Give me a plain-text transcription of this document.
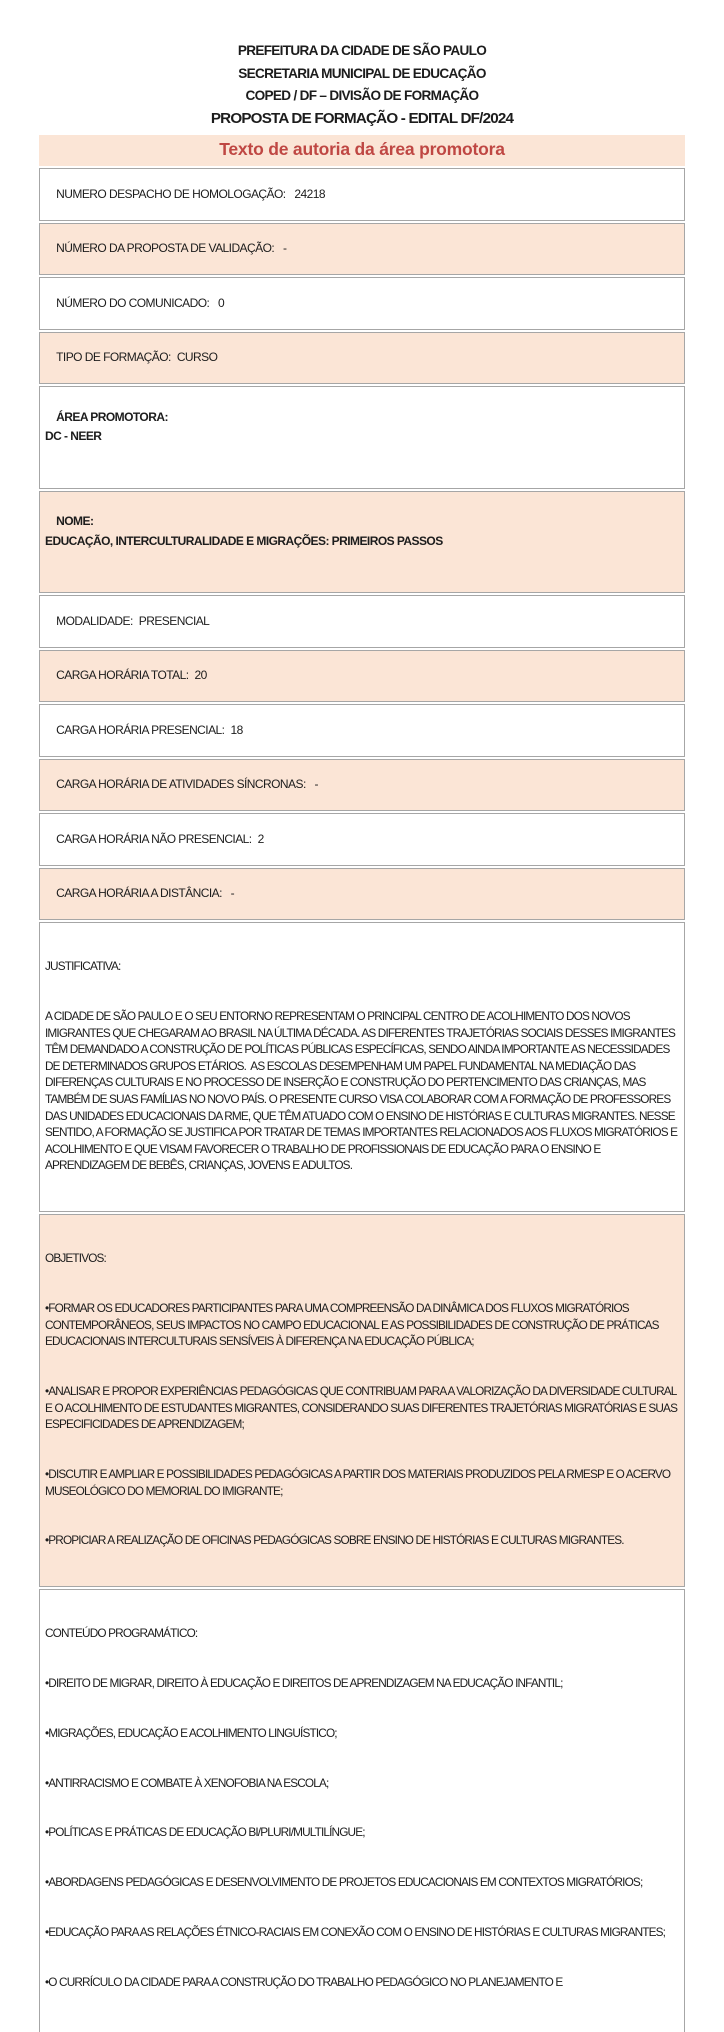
PREFEITURA DA CIDADE DE SÃO PAULO
SECRETARIA MUNICIPAL DE EDUCAÇÃO
COPED / DF – DIVISÃO DE FORMAÇÃO
PROPOSTA DE FORMAÇÃO - EDITAL DF/2024
Texto de autoria da área promotora

NUMERO DESPACHO DE HOMOLOGAÇÃO: 24218

NÚMERO DA PROPOSTA DE VALIDAÇÃO: -

NÚMERO DO COMUNICADO: 0

TIPO DE FORMAÇÃO: CURSO

ÁREA PROMOTORA:
DC - NEER

NOME:
EDUCAÇÃO, INTERCULTURALIDADE E MIGRAÇÕES: PRIMEIROS PASSOS

MODALIDADE: PRESENCIAL

CARGA HORÁRIA TOTAL: 20

CARGA HORÁRIA PRESENCIAL: 18

CARGA HORÁRIA DE ATIVIDADES SÍNCRONAS: -

CARGA HORÁRIA NÃO PRESENCIAL: 2

CARGA HORÁRIA A DISTÂNCIA: -

JUSTIFICATIVA:

A CIDADE DE SÃO PAULO E O SEU ENTORNO REPRESENTAM O PRINCIPAL CENTRO DE ACOLHIMENTO DOS NOVOS IMIGRANTES QUE CHEGARAM AO BRASIL NA ÚLTIMA DÉCADA. AS DIFERENTES TRAJETÓRIAS SOCIAIS DESSES IMIGRANTES TÊM DEMANDADO A CONSTRUÇÃO DE POLÍTICAS PÚBLICAS ESPECÍFICAS, SENDO AINDA IMPORTANTE AS NECESSIDADES DE DETERMINADOS GRUPOS ETÁRIOS.  AS ESCOLAS DESEMPENHAM UM PAPEL FUNDAMENTAL NA MEDIAÇÃO DAS DIFERENÇAS CULTURAIS E NO PROCESSO DE INSERÇÃO E CONSTRUÇÃO DO PERTENCIMENTO DAS CRIANÇAS, MAS TAMBÉM DE SUAS FAMÍLIAS NO NOVO PAÍS. O PRESENTE CURSO VISA COLABORAR COM A FORMAÇÃO DE PROFESSORES DAS UNIDADES EDUCACIONAIS DA RME, QUE TÊM ATUADO COM O ENSINO DE HISTÓRIAS E CULTURAS MIGRANTES. NESSE SENTIDO, A FORMAÇÃO SE JUSTIFICA POR TRATAR DE TEMAS IMPORTANTES RELACIONADOS AOS FLUXOS MIGRATÓRIOS E ACOLHIMENTO E QUE VISAM FAVORECER O TRABALHO DE PROFISSIONAIS DE EDUCAÇÃO PARA O ENSINO E APRENDIZAGEM DE BEBÊS, CRIANÇAS, JOVENS E ADULTOS.

OBJETIVOS:

•FORMAR OS EDUCADORES PARTICIPANTES PARA UMA COMPREENSÃO DA DINÂMICA DOS FLUXOS MIGRATÓRIOS CONTEMPORÂNEOS, SEUS IMPACTOS NO CAMPO EDUCACIONAL E AS POSSIBILIDADES DE CONSTRUÇÃO DE PRÁTICAS EDUCACIONAIS INTERCULTURAIS SENSÍVEIS À DIFERENÇA NA EDUCAÇÃO PÚBLICA;

•ANALISAR E PROPOR EXPERIÊNCIAS PEDAGÓGICAS QUE CONTRIBUAM PARA A VALORIZAÇÃO DA DIVERSIDADE CULTURAL E O ACOLHIMENTO DE ESTUDANTES MIGRANTES, CONSIDERANDO SUAS DIFERENTES TRAJETÓRIAS MIGRATÓRIAS E SUAS ESPECIFICIDADES DE APRENDIZAGEM;

•DISCUTIR E AMPLIAR E POSSIBILIDADES PEDAGÓGICAS A PARTIR DOS MATERIAIS PRODUZIDOS PELA RMESP E O ACERVO MUSEOLÓGICO DO MEMORIAL DO IMIGRANTE;

•PROPICIAR A REALIZAÇÃO DE OFICINAS PEDAGÓGICAS SOBRE ENSINO DE HISTÓRIAS E CULTURAS MIGRANTES.

CONTEÚDO PROGRAMÁTICO:

•DIREITO DE MIGRAR, DIREITO À EDUCAÇÃO E DIREITOS DE APRENDIZAGEM NA EDUCAÇÃO INFANTIL;

•MIGRAÇÕES, EDUCAÇÃO E ACOLHIMENTO LINGUÍSTICO;

•ANTIRRACISMO E COMBATE À XENOFOBIA NA ESCOLA;

•POLÍTICAS E PRÁTICAS DE EDUCAÇÃO BI/PLURI/MULTILÍNGUE;

•ABORDAGENS PEDAGÓGICAS E DESENVOLVIMENTO DE PROJETOS EDUCACIONAIS EM CONTEXTOS MIGRATÓRIOS;

•EDUCAÇÃO PARA AS RELAÇÕES ÉTNICO-RACIAIS EM CONEXÃO COM O ENSINO DE HISTÓRIAS E CULTURAS MIGRANTES;

•O CURRÍCULO DA CIDADE PARA A CONSTRUÇÃO DO TRABALHO PEDAGÓGICO NO PLANEJAMENTO E
